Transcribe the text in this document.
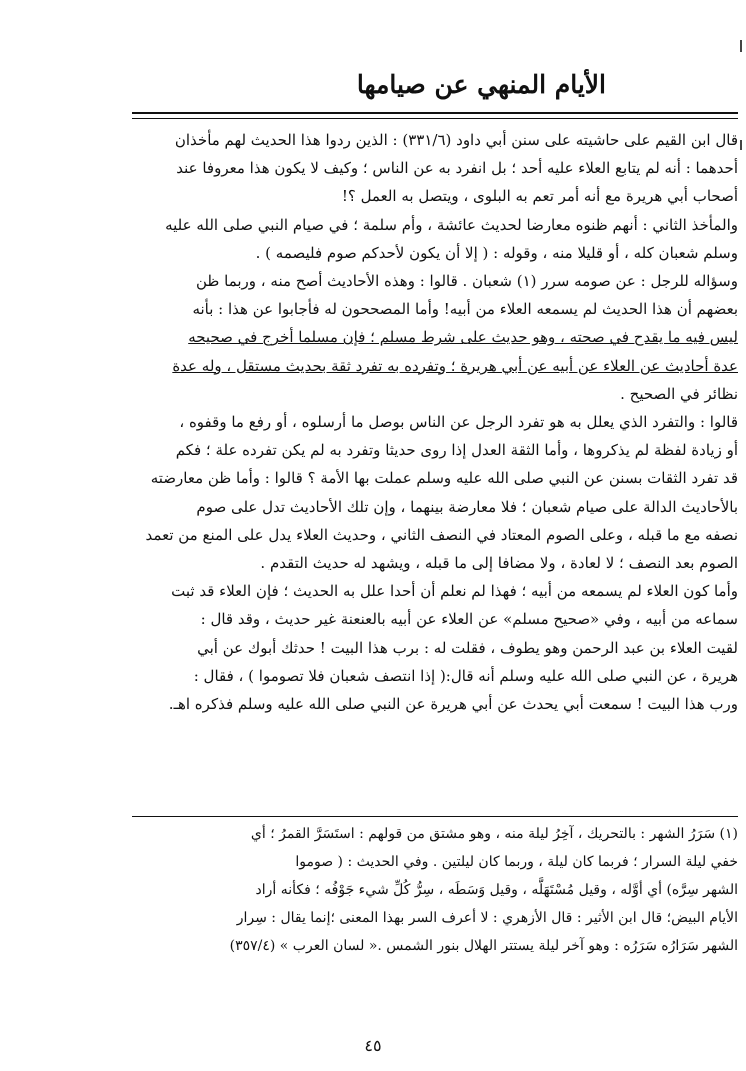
الأيام المنهي عن صيامها

قال ابن القيم على حاشيته على سنن أبي داود (٣٣١/٦) : الذين ردوا هذا الحديث لهم مأخذان

أحدهما : أنه لم يتابع العلاء عليه أحد ؛ بل انفرد به عن الناس ؛ وكيف لا يكون هذا معروفا عند

أصحاب أبي هريرة مع أنه أمر تعم به البلوى ، ويتصل به العمل ؟!

والمأخذ الثاني : أنهم ظنوه معارضا لحديث عائشة ، وأم سلمة ؛ في صيام النبي صلى الله عليه

وسلم شعبان كله ، أو قليلا منه ، وقوله : ( إلا أن يكون لأحدكم صوم فليصمه ) .

وسؤاله للرجل : عن صومه سرر (١) شعبان . قالوا : وهذه الأحاديث أصح منه ، وربما ظن

بعضهم أن هذا الحديث لم يسمعه العلاء من أبيه! وأما المصححون له فأجابوا عن هذا : بأنه

ليس فيه ما يقدح في صحته ، وهو حديث على شرط مسلم ؛ فإن مسلما أخرج في صحيحه

عدة أحاديث عن العلاء عن أبيه عن أبي هريرة ؛ وتفرده به تفرد ثقة بحديث مستقل ، وله عدة

نظائر في الصحيح .

قالوا : والتفرد الذي يعلل به هو تفرد الرجل عن الناس بوصل ما أرسلوه ، أو رفع ما وقفوه ،

أو زيادة لفظة لم يذكروها ، وأما الثقة العدل إذا روى حديثا وتفرد به لم يكن تفرده علة ؛ فكم

قد تفرد الثقات بسنن عن النبي صلى الله عليه وسلم عملت بها الأمة ؟ قالوا : وأما ظن معارضته

بالأحاديث الدالة على صيام شعبان ؛ فلا معارضة بينهما ، وإن تلك الأحاديث تدل على صوم

نصفه مع ما قبله ، وعلى الصوم المعتاد في النصف الثاني ، وحديث العلاء يدل على المنع من تعمد

الصوم بعد النصف ؛ لا لعادة ، ولا مضافا إلى ما قبله ، ويشهد له حديث التقدم .

وأما كون العلاء لم يسمعه من أبيه ؛ فهذا لم نعلم أن أحدا علل به الحديث ؛ فإن العلاء قد ثبت

سماعه من أبيه ، وفي «صحيح مسلم» عن العلاء عن أبيه بالعنعنة غير حديث ، وقد قال :

لقيت العلاء بن عبد الرحمن وهو يطوف ، فقلت له : برب هذا البيت ! حدثك أبوك عن أبي

هريرة ، عن النبي صلى الله عليه وسلم أنه قال:( إذا انتصف شعبان فلا تصوموا ) ، فقال :

ورب هذا البيت ! سمعت أبي يحدث عن أبي هريرة عن النبي صلى الله عليه وسلم فذكره اهـ.

(١) سَرَرُ الشهر : بالتحريك ، آخِرُ ليلة منه ، وهو مشتق من قولهم : استَسَرَّ القمرُ ؛ أي

خفي ليلة السرار ؛ فربما كان ليلة ، وربما كان ليلتين . وفي الحديث : ( صوموا

الشهر سِرَّه) أي أوَّله ، وقيل مُسْتَهَلَّه ، وقيل وَسَطَه ، سِرُّ كُلِّ شيء جَوْفُه ؛ فكأنه أراد

الأيام البيض؛ قال ابن الأثير : قال الأزهري : لا أعرف السر بهذا المعنى ؛إنما يقال : سِرار

الشهر سَرَارُه سَرَرُه : وهو آخر ليلة يستتر الهلال بنور الشمس .« لسان العرب » (٣٥٧/٤)

٤٥
